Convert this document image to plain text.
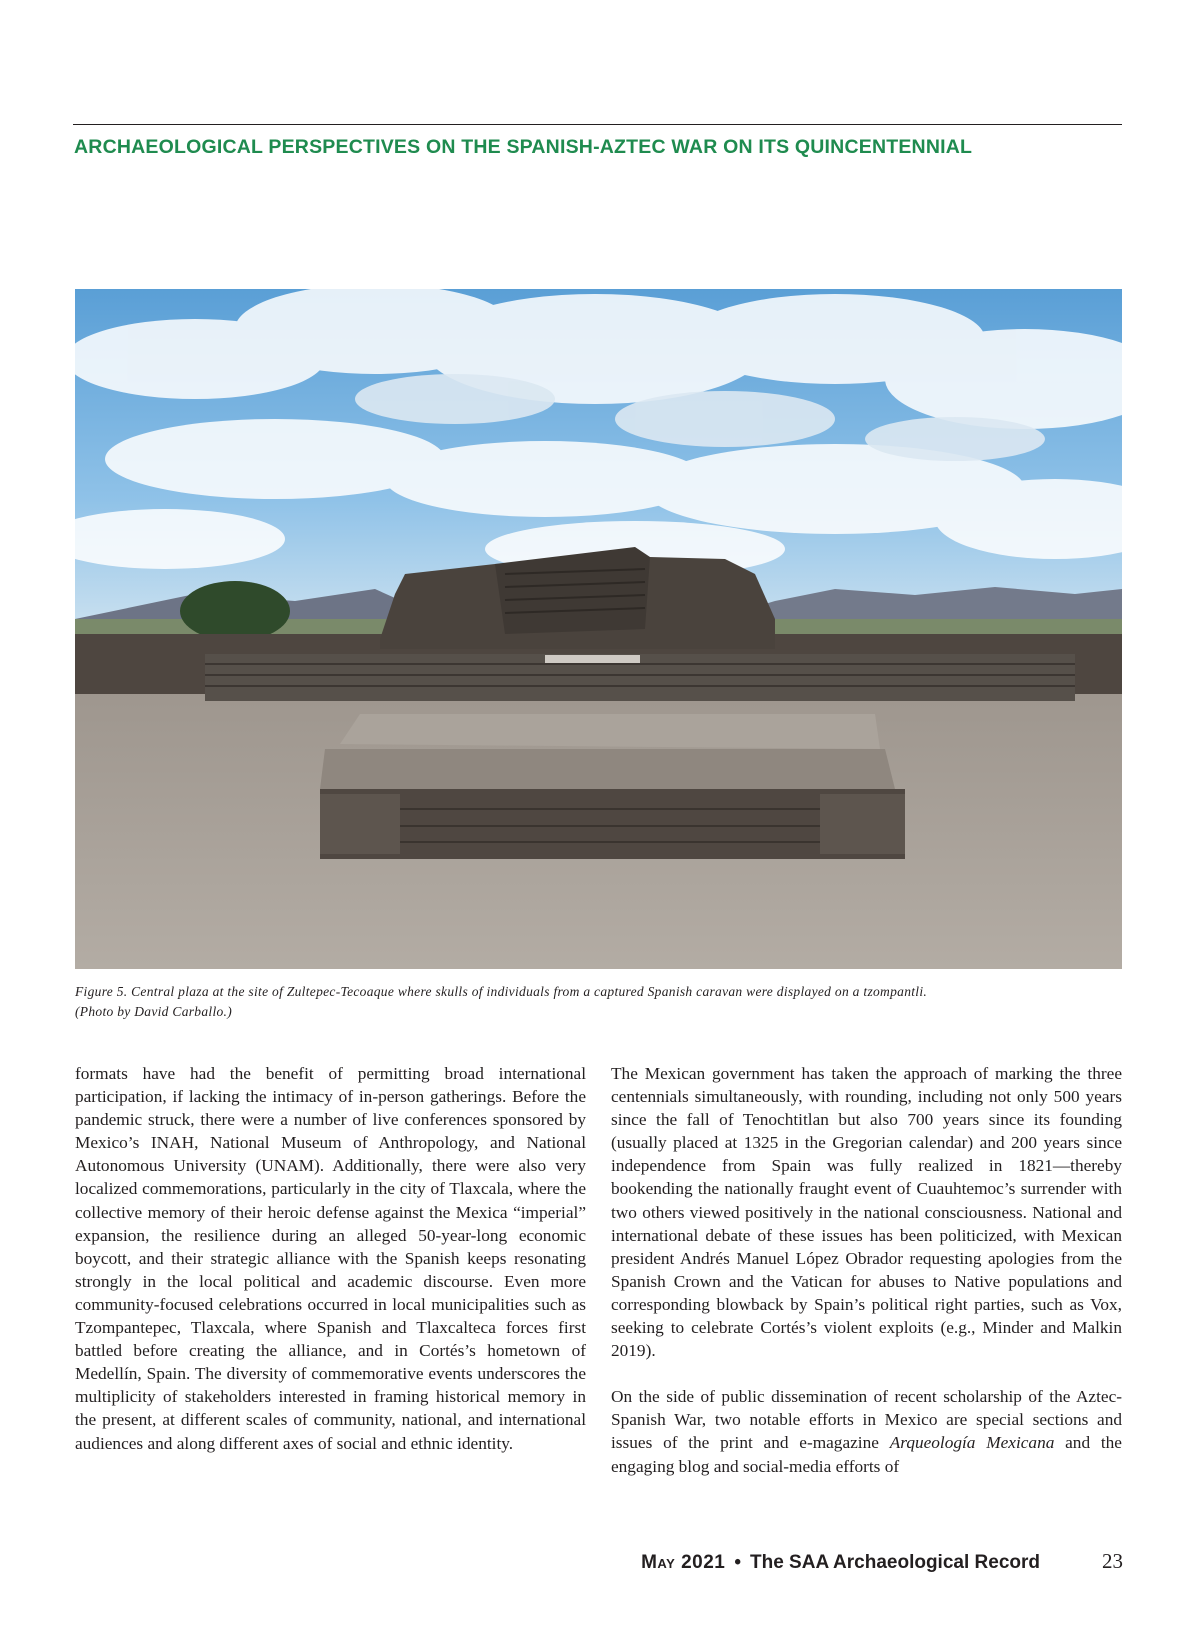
ARCHAEOLOGICAL PERSPECTIVES ON THE SPANISH-AZTEC WAR ON ITS QUINCENTENNIAL
Figure 5. Central plaza at the site of Zultepec-Tecoaque where skulls of individuals from a captured Spanish caravan were displayed on a tzompantli.
(Photo by David Carballo.)

formats have had the benefit of permitting broad international participation, if lacking the intimacy of in-person gatherings. Before the pandemic struck, there were a number of live conferences sponsored by Mexico’s INAH, National Museum of Anthropology, and National Autonomous University (UNAM). Additionally, there were also very localized commemorations, particularly in the city of Tlaxcala, where the collective memory of their heroic defense against the Mexica “imperial” expansion, the resilience during an alleged 50-year-long economic boycott, and their strategic alliance with the Spanish keeps resonating strongly in the local political and academic discourse. Even more community-focused celebrations occurred in local municipalities such as Tzompantepec, Tlaxcala, where Spanish and Tlaxcalteca forces first battled before creating the alliance, and in Cortés’s hometown of Medellín, Spain. The diversity of commemorative events underscores the multiplicity of stakeholders interested in framing historical memory in the present, at different scales of community, national, and international audiences and along different axes of social and ethnic identity.

The Mexican government has taken the approach of marking the three centennials simultaneously, with rounding, including not only 500 years since the fall of Tenochtitlan but also 700 years since its founding (usually placed at 1325 in the Gregorian calendar) and 200 years since independence from Spain was fully realized in 1821—thereby bookending the nationally fraught event of Cuauhtemoc’s surrender with two others viewed positively in the national consciousness. National and international debate of these issues has been politicized, with Mexican president Andrés Manuel López Obrador requesting apologies from the Spanish Crown and the Vatican for abuses to Native populations and corresponding blowback by Spain’s political right parties, such as Vox, seeking to celebrate Cortés’s violent exploits (e.g., Minder and Malkin 2019).

On the side of public dissemination of recent scholarship of the Aztec-Spanish War, two notable efforts in Mexico are special sections and issues of the print and e-magazine Arqueología Mexicana and the engaging blog and social-media efforts of

May 2021 • The SAA Archaeological Record	23
